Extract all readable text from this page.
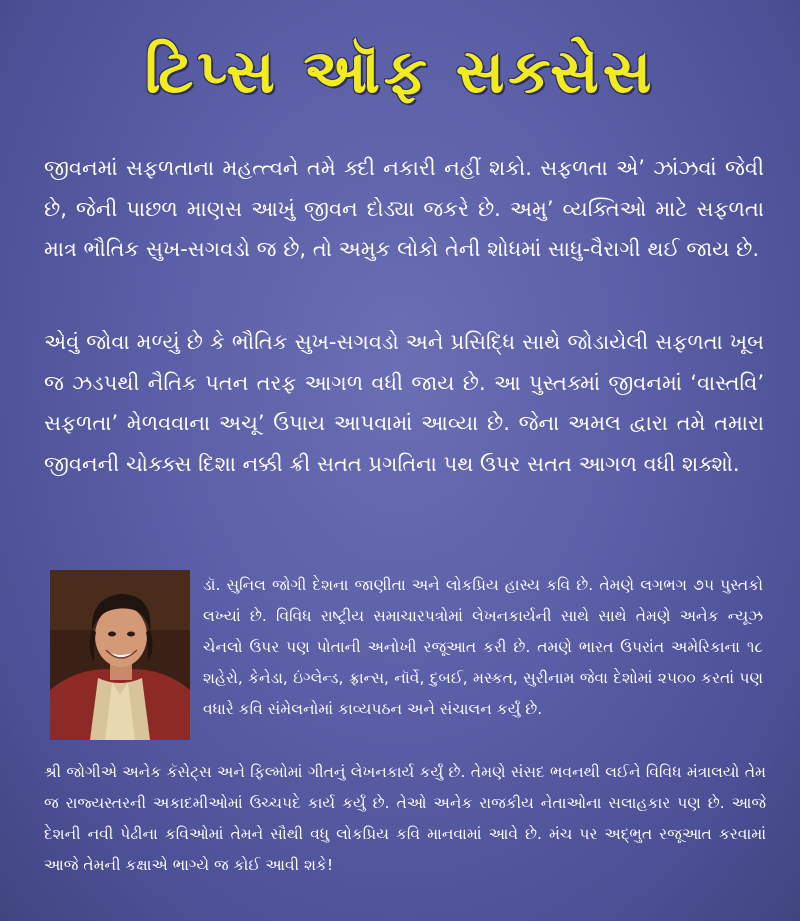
ટિપ્સ ઑફ સક્સેસ

જીવનમાં સફળતાના મહત્ત્વને તમે ક્દી નકારી નહીં શકો. સફળતા એ’ ઝાંઝવાં જેવી છે, જેની પાછળ માણસ આખું જીવન દોડ્યા જકરે છે. અમુ’ વ્યક્તિઓ માટે સફળતા માત્ર ભૌતિક સુખ-સગવડો જ છે, તો અમુક લોકો તેની શોધમાં સાધુ-વૈરાગી થઈ જાય છે.

એવું જોવા મળ્યું છે કે ભૌતિક સુખ-સગવડો અને પ્રસિદ્ધિ સાથે જોડાયેલી સફળતા ખૂબ જ ઝડપથી નૈતિક પતન તરફ આગળ વધી જાય છે. આ પુસ્તક્માં જીવનમાં ‘વાસ્તવિ’ સફળતા’ મેળવવાના અચૂ’ ઉપાય આપવામાં આવ્યા છે. જેના અમલ દ્વારા તમે તમારા જીવનની ચોક્ક્સ દિશા નક્કી ક્રી સતત પ્રગતિના પથ ઉપર સતત આગળ વધી શક્શો.

ડૉ. સુનિલ જોગી દેશના જાણીતા અને લોકપ્રિય હાસ્ય કવિ છે. તેમણે લગભગ ૭૫ પુસ્તકો લખ્યાં છે. વિવિધ રાષ્ટ્રીય સમાચારપત્રોમાં લેખનકાર્યની સાથે સાથે તેમણે અનેક ન્યૂઝ ચેનલો ઉપર પણ પોતાની અનોખી રજૂઆત કરી છે. તમણે ભારત ઉપરાંત અમેરિકાના ૧૮ શહેરો, કેનેડા, ઇંગ્લેન્ડ, ફ્રાન્સ, નૉર્વે, દુબઈ, મસ્કત, સુરીનામ જેવા દેશોમાં ૨૫૦૦ કરતાં પણ વધારે કવિ સંમેલનોમાં કાવ્યપઠન અને સંચાલન કર્યું છે.

શ્રી જોગીએ અનેક કૅસેટ્સ અને ફિલ્મોમાં ગીતનું લેખનકાર્ય કર્યું છે. તેમણે સંસદ ભવનથી લઈને વિવિધ મંત્રાલયો તેમ જ રાજ્યસ્તરની અકાદમીઓમાં ઉચ્ચપદે કાર્ય કર્યું છે. તેઓ અનેક રાજકીય નેતાઓના સલાહકાર પણ છે. આજે દેશની નવી પેઢીના કવિઓમાં તેમને સૌથી વધુ લોકપ્રિય કવિ માનવામાં આવે છે. મંચ પર અદ્ભુત રજૂઆત કરવામાં આજે તેમની કક્ષાએ ભાગ્યે જ કોઈ આવી શકે!
